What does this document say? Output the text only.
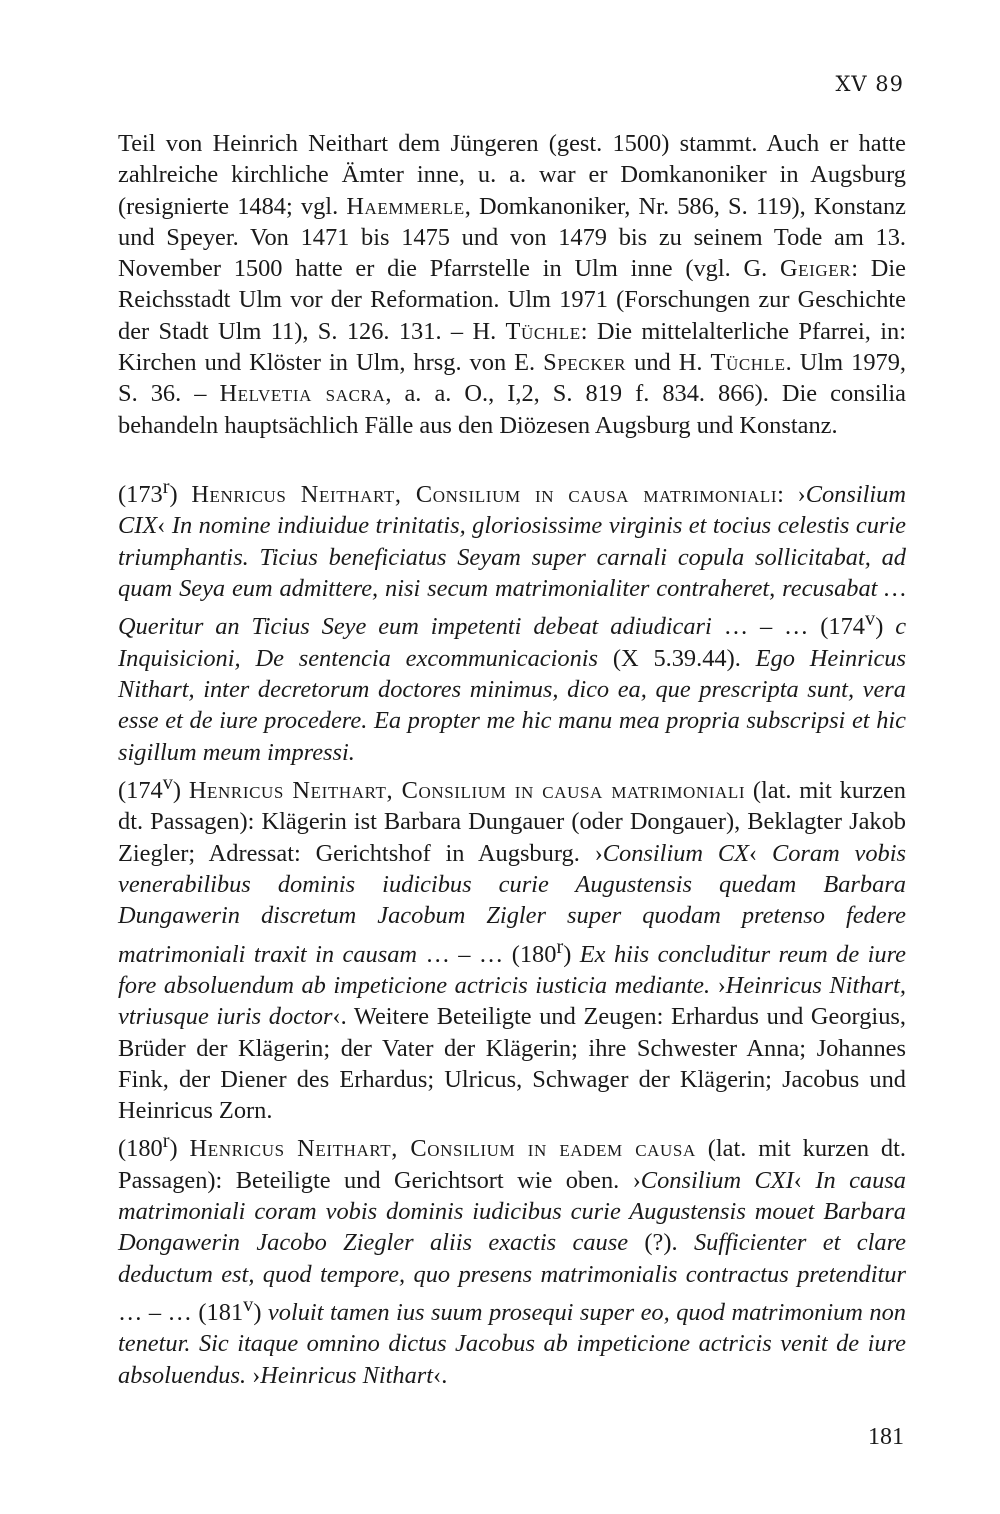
XV 89

Teil von Heinrich Neithart dem Jüngeren (gest. 1500) stammt. Auch er hatte zahlreiche kirchliche Ämter inne, u. a. war er Domkanoniker in Augsburg (resignierte 1484; vgl. Haemmerle, Domkanoniker, Nr. 586, S. 119), Konstanz und Speyer. Von 1471 bis 1475 und von 1479 bis zu seinem Tode am 13. November 1500 hatte er die Pfarrstelle in Ulm inne (vgl. G. Geiger: Die Reichsstadt Ulm vor der Reformation. Ulm 1971 (Forschungen zur Geschichte der Stadt Ulm 11), S. 126. 131. – H. Tüchle: Die mittelalterliche Pfarrei, in: Kirchen und Klöster in Ulm, hrsg. von E. Specker und H. Tüchle. Ulm 1979, S. 36. – Helvetia sacra, a. a. O., I,2, S. 819 f. 834. 866). Die consilia behandeln hauptsächlich Fälle aus den Diözesen Augsburg und Konstanz.

(173$^r$) Henricus Neithart, Consilium in causa matrimoniali: ›Consilium CIX‹ In nomine indiuidue trinitatis, gloriosissime virginis et tocius celestis curie triumphantis. Ticius beneficiatus Seyam super carnali copula sollicitabat, ad quam Seya eum admittere, nisi secum matrimonialiter contraheret, recusabat … Queritur an Ticius Seye eum impetenti debeat adiudicari … – … (174$^v$) c Inquisicioni, De sentencia excommunicacionis (X 5.39.44). Ego Heinricus Nithart, inter decretorum doctores minimus, dico ea, que prescripta sunt, vera esse et de iure procedere. Ea propter me hic manu mea propria subscripsi et hic sigillum meum impressi.

(174$^v$) Henricus Neithart, Consilium in causa matrimoniali (lat. mit kurzen dt. Passagen): Klägerin ist Barbara Dungauer (oder Dongauer), Beklagter Jakob Ziegler; Adressat: Gerichtshof in Augsburg. ›Consilium CX‹ Coram vobis venerabilibus dominis iudicibus curie Augustensis quedam Barbara Dungawerin discretum Jacobum Zigler super quodam pretenso federe matrimoniali traxit in causam … – … (180$^r$) Ex hiis concluditur reum de iure fore absoluendum ab impeticione actricis iusticia mediante. ›Heinricus Nithart, vtriusque iuris doctor‹. Weitere Beteiligte und Zeugen: Erhardus und Georgius, Brüder der Klägerin; der Vater der Klägerin; ihre Schwester Anna; Johannes Fink, der Diener des Erhardus; Ulricus, Schwager der Klägerin; Jacobus und Heinricus Zorn.

(180$^r$) Henricus Neithart, Consilium in eadem causa (lat. mit kurzen dt. Passagen): Beteiligte und Gerichtsort wie oben. ›Consilium CXI‹ In causa matrimoniali coram vobis dominis iudicibus curie Augustensis mouet Barbara Dongawerin Jacobo Ziegler aliis exactis cause (?). Sufficienter et clare deductum est, quod tempore, quo presens matrimonialis contractus pretenditur … – … (181$^v$) voluit tamen ius suum prosequi super eo, quod matrimonium non tenetur. Sic itaque omnino dictus Jacobus ab impeticione actricis venit de iure absoluendus. ›Heinricus Nithart‹.

181
